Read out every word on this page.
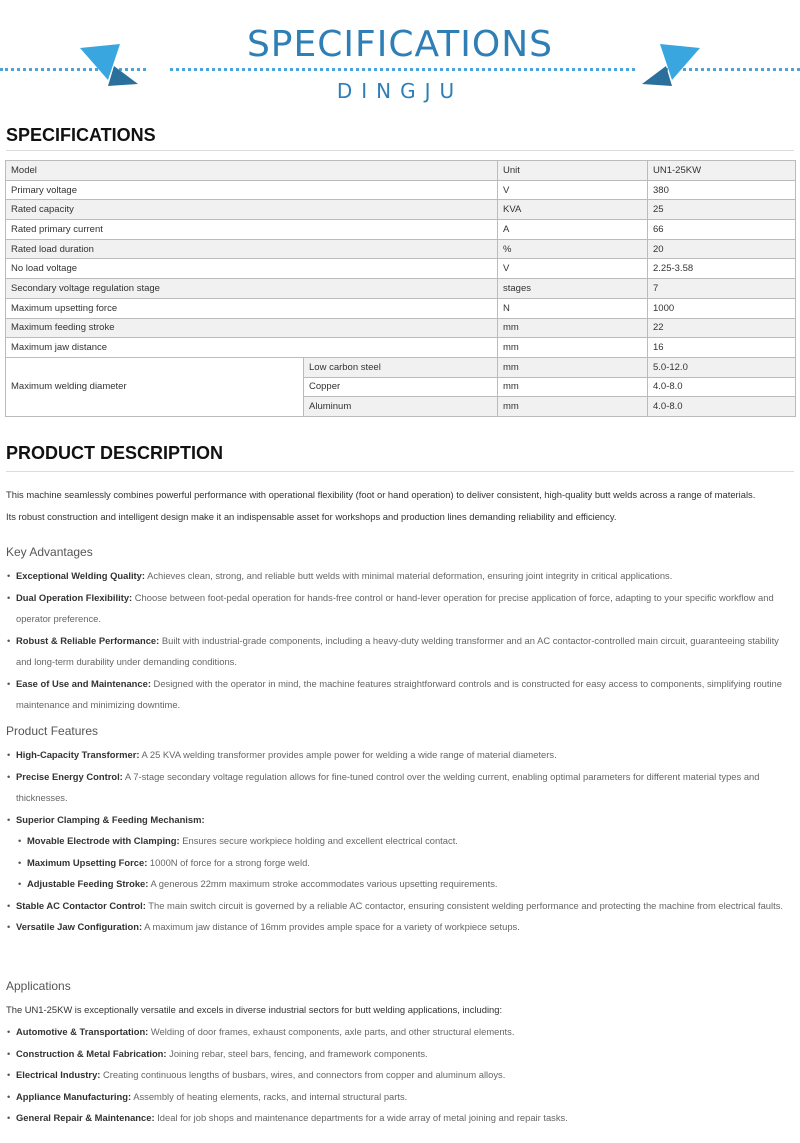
SPECIFICATIONS
DINGJU
SPECIFICATIONS
Model		Unit	UN1-25KW
Primary voltage		V	380
Rated capacity		KVA	25
Rated primary current		A	66
Rated load duration		%	20
No load voltage		V	2.25-3.58
Secondary voltage regulation stage		stages	7
Maximum upsetting force		N	1000
Maximum feeding stroke		mm	22
Maximum jaw distance		mm	16
Maximum welding diameter	Low carbon steel	mm	5.0-12.0
	Copper	mm	4.0-8.0
	Aluminum	mm	4.0-8.0
PRODUCT DESCRIPTION
This machine seamlessly combines powerful performance with operational flexibility (foot or hand operation) to deliver consistent, high-quality butt welds across a range of materials.
Its robust construction and intelligent design make it an indispensable asset for workshops and production lines demanding reliability and efficiency.
Key Advantages
• Exceptional Welding Quality: Achieves clean, strong, and reliable butt welds with minimal material deformation, ensuring joint integrity in critical applications.
• Dual Operation Flexibility: Choose between foot-pedal operation for hands-free control or hand-lever operation for precise application of force, adapting to your specific workflow and operator preference.
• Robust & Reliable Performance: Built with industrial-grade components, including a heavy-duty welding transformer and an AC contactor-controlled main circuit, guaranteeing stability and long-term durability under demanding conditions.
• Ease of Use and Maintenance: Designed with the operator in mind, the machine features straightforward controls and is constructed for easy access to components, simplifying routine maintenance and minimizing downtime.
Product Features
• High-Capacity Transformer: A 25 KVA welding transformer provides ample power for welding a wide range of material diameters.
• Precise Energy Control: A 7-stage secondary voltage regulation allows for fine-tuned control over the welding current, enabling optimal parameters for different material types and thicknesses.
• Superior Clamping & Feeding Mechanism:
• Movable Electrode with Clamping: Ensures secure workpiece holding and excellent electrical contact.
• Maximum Upsetting Force: 1000N of force for a strong forge weld.
• Adjustable Feeding Stroke: A generous 22mm maximum stroke accommodates various upsetting requirements.
• Stable AC Contactor Control: The main switch circuit is governed by a reliable AC contactor, ensuring consistent welding performance and protecting the machine from electrical faults.
• Versatile Jaw Configuration: A maximum jaw distance of 16mm provides ample space for a variety of workpiece setups.
Applications
The UN1-25KW is exceptionally versatile and excels in diverse industrial sectors for butt welding applications, including:
• Automotive & Transportation: Welding of door frames, exhaust components, axle parts, and other structural elements.
• Construction & Metal Fabrication: Joining rebar, steel bars, fencing, and framework components.
• Electrical Industry: Creating continuous lengths of busbars, wires, and connectors from copper and aluminum alloys.
• Appliance Manufacturing: Assembly of heating elements, racks, and internal structural parts.
• General Repair & Maintenance: Ideal for job shops and maintenance departments for a wide array of metal joining and repair tasks.
